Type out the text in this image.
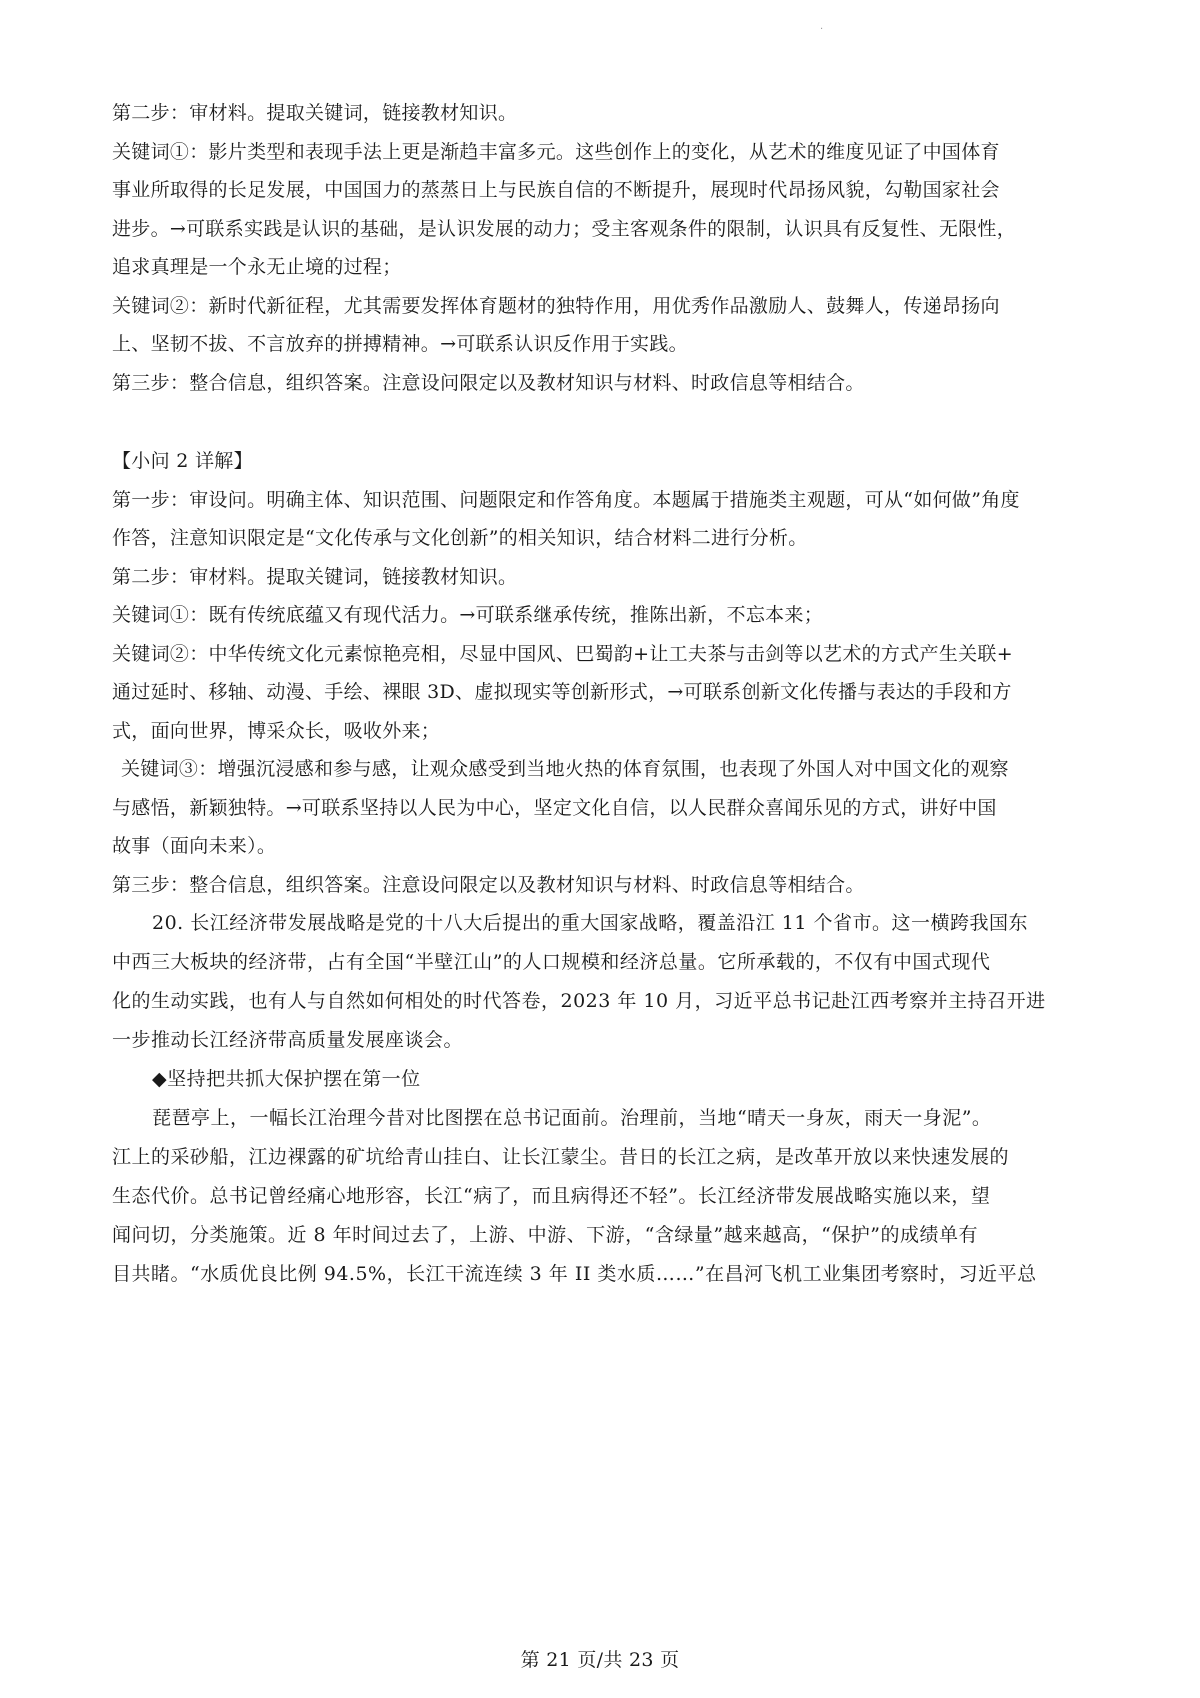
·
第二步：审材料。提取关键词，链接教材知识。
关键词①：影片类型和表现手法上更是渐趋丰富多元。这些创作上的变化，从艺术的维度见证了中国体育
事业所取得的长足发展，中国国力的蒸蒸日上与民族自信的不断提升，展现时代昂扬风貌，勾勒国家社会
进步。→可联系实践是认识的基础，是认识发展的动力；受主客观条件的限制，认识具有反复性、无限性，
追求真理是一个永无止境的过程；
关键词②：新时代新征程，尤其需要发挥体育题材的独特作用，用优秀作品激励人、鼓舞人，传递昂扬向
上、坚韧不拔、不言放弃的拼搏精神。→可联系认识反作用于实践。
第三步：整合信息，组织答案。注意设问限定以及教材知识与材料、时政信息等相结合。
【小问 2 详解】
第一步：审设问。明确主体、知识范围、问题限定和作答角度。本题属于措施类主观题，可从“如何做”角度
作答，注意知识限定是“文化传承与文化创新”的相关知识，结合材料二进行分析。
第二步：审材料。提取关键词，链接教材知识。
关键词①：既有传统底蕴又有现代活力。→可联系继承传统，推陈出新，不忘本来；
关键词②：中华传统文化元素惊艳亮相，尽显中国风、巴蜀韵+让工夫茶与击剑等以艺术的方式产生关联+
通过延时、移轴、动漫、手绘、裸眼 3D、虚拟现实等创新形式，→可联系创新文化传播与表达的手段和方
式，面向世界，博采众长，吸收外来；
关键词③：增强沉浸感和参与感，让观众感受到当地火热的体育氛围，也表现了外国人对中国文化的观察
与感悟，新颖独特。→可联系坚持以人民为中心，坚定文化自信，以人民群众喜闻乐见的方式，讲好中国
故事（面向未来）。
第三步：整合信息，组织答案。注意设问限定以及教材知识与材料、时政信息等相结合。
20. 长江经济带发展战略是党的十八大后提出的重大国家战略，覆盖沿江 11 个省市。这一横跨我国东
中西三大板块的经济带，占有全国“半壁江山”的人口规模和经济总量。它所承载的，不仅有中国式现代
化的生动实践，也有人与自然如何相处的时代答卷，2023 年 10 月，习近平总书记赴江西考察并主持召开进
一步推动长江经济带高质量发展座谈会。
◆坚持把共抓大保护摆在第一位
琵琶亭上，一幅长江治理今昔对比图摆在总书记面前。治理前，当地“晴天一身灰，雨天一身泥”。
江上的采砂船，江边裸露的矿坑给青山挂白、让长江蒙尘。昔日的长江之病，是改革开放以来快速发展的
生态代价。总书记曾经痛心地形容，长江“病了，而且病得还不轻”。长江经济带发展战略实施以来，望
闻问切，分类施策。近 8 年时间过去了，上游、中游、下游，“含绿量”越来越高，“保护”的成绩单有
目共睹。“水质优良比例 94.5%，长江干流连续 3 年 II 类水质……”在昌河飞机工业集团考察时，习近平总
第 21 页/共 23 页
